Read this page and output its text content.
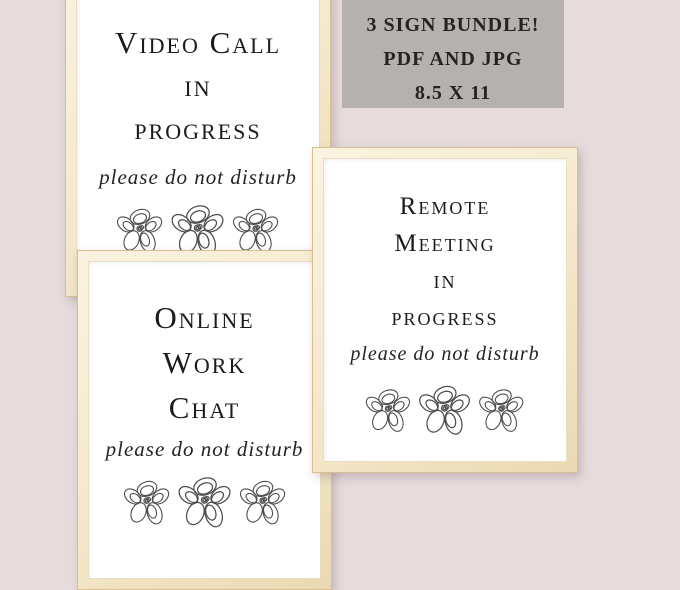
Video Call
in
progress
please do not disturb
Online
Work
Chat
please do not disturb
Remote
Meeting
in
progress
please do not disturb
3 SIGN BUNDLE!
PDF AND JPG
8.5 X 11
